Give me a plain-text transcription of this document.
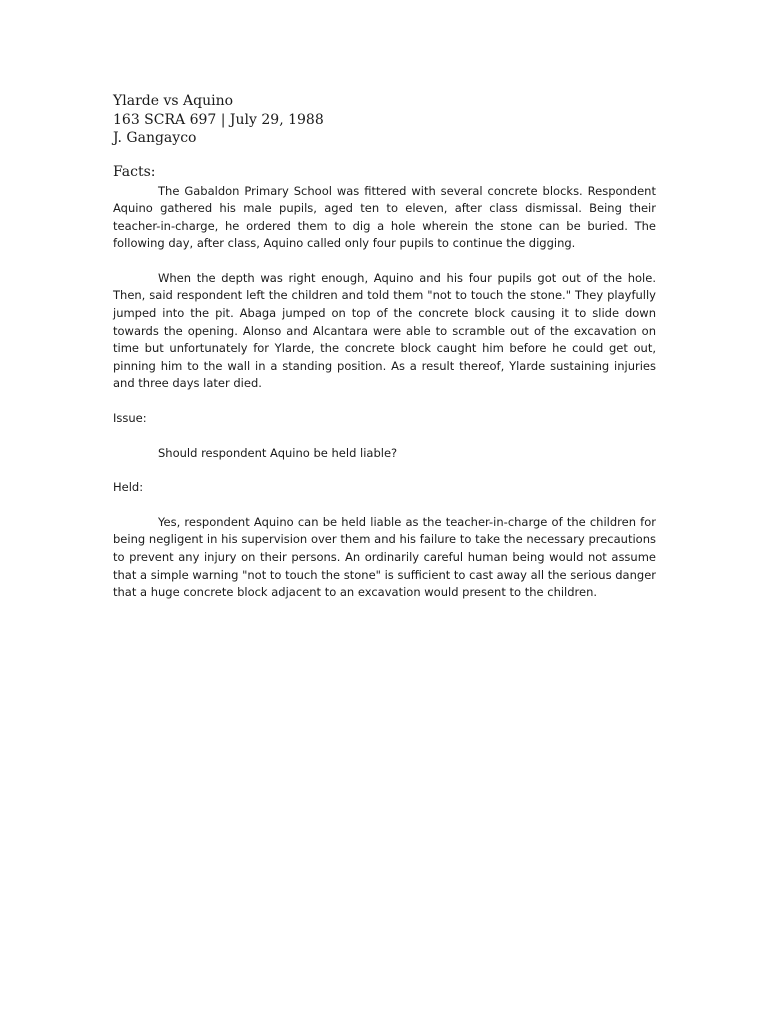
Ylarde vs Aquino

163 SCRA 697 | July 29, 1988

J. Gangayco

Facts:

The Gabaldon Primary School was fittered with several concrete blocks. Respondent Aquino gathered his male pupils, aged ten to eleven, after class dismissal. Being their teacher-in-charge, he ordered them to dig a hole wherein the stone can be buried. The following day, after class, Aquino called only four pupils to continue the digging.

When the depth was right enough, Aquino and his four pupils got out of the hole. Then, said respondent left the children and told them "not to touch the stone." They playfully jumped into the pit. Abaga jumped on top of the concrete block causing it to slide down towards the opening. Alonso and Alcantara were able to scramble out of the excavation on time but unfortunately for Ylarde, the concrete block caught him before he could get out, pinning him to the wall in a standing position. As a result thereof, Ylarde sustaining injuries and three days later died.

Issue:

Should respondent Aquino be held liable?

Held:

Yes, respondent Aquino can be held liable as the teacher-in-charge of the children for being negligent in his supervision over them and his failure to take the necessary precautions to prevent any injury on their persons. An ordinarily careful human being would not assume that a simple warning "not to touch the stone" is sufficient to cast away all the serious danger that a huge concrete block adjacent to an excavation would present to the children.
